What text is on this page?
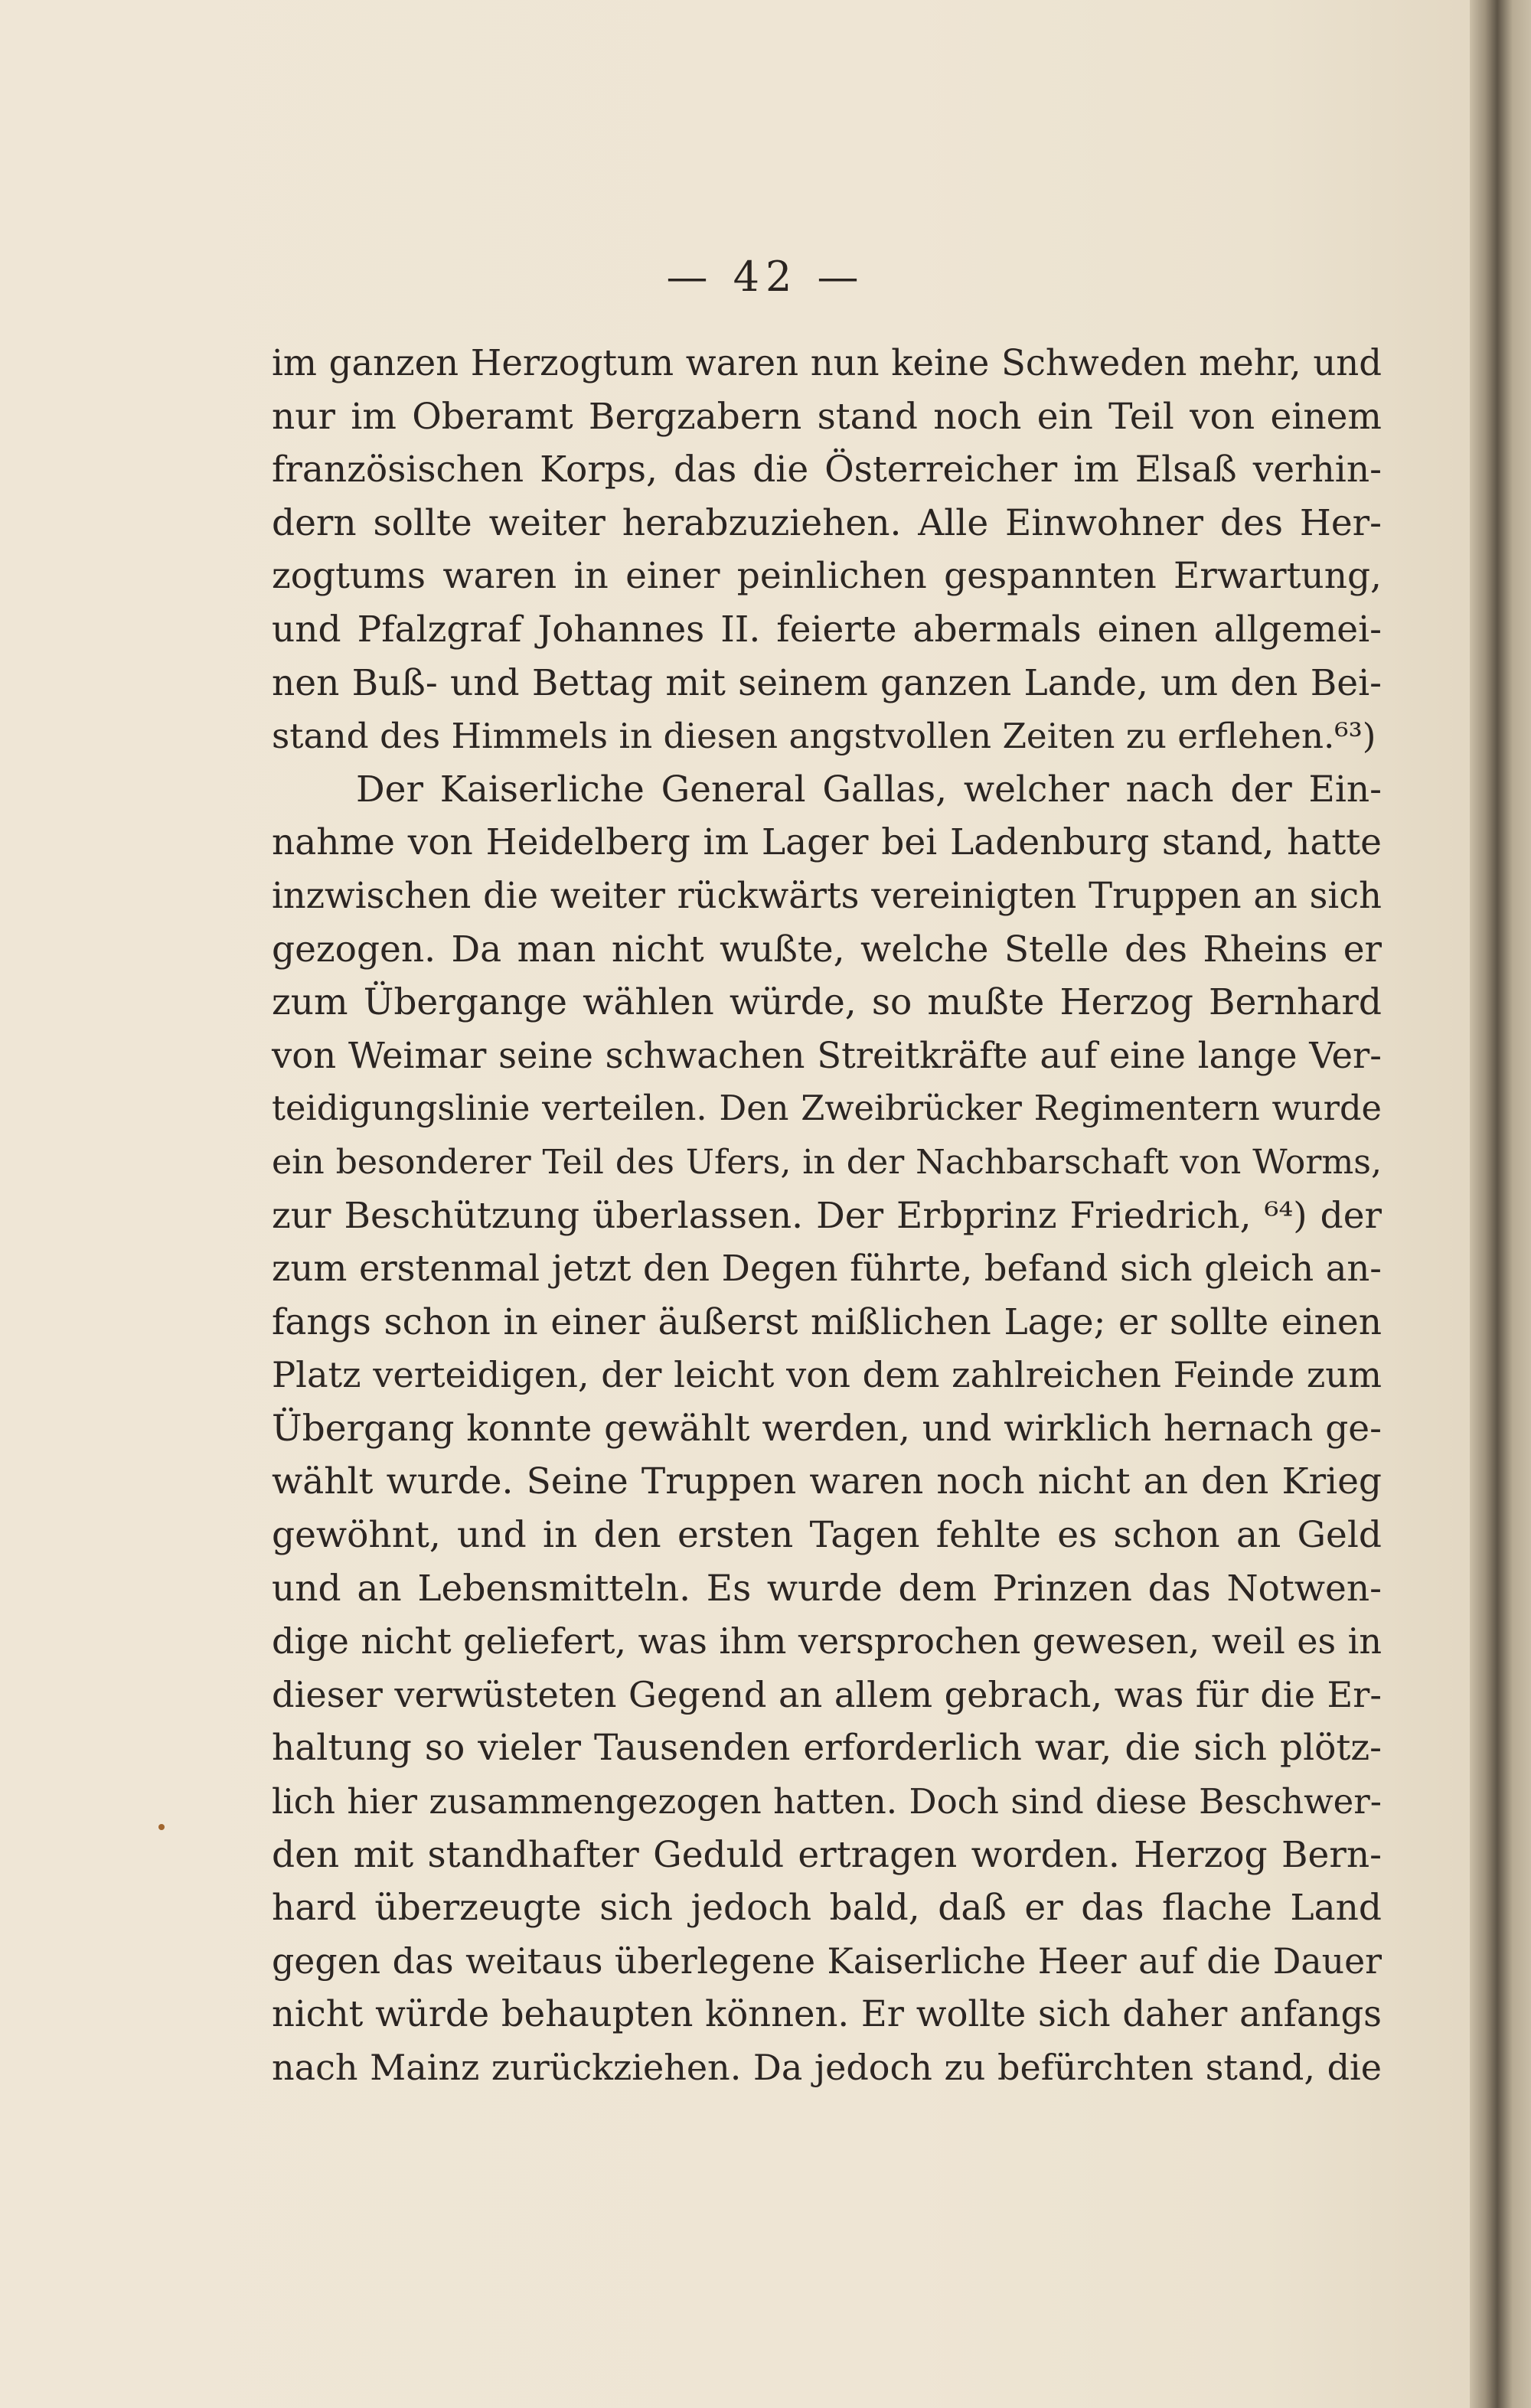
— 42 —
im ganzen Herzogtum waren nun keine Schweden mehr, und
nur im Oberamt Bergzabern stand noch ein Teil von einem
französischen Korps, das die Österreicher im Elsaß verhin-
dern sollte weiter herabzuziehen. Alle Einwohner des Her-
zogtums waren in einer peinlichen gespannten Erwartung,
und Pfalzgraf Johannes II. feierte abermals einen allgemei-
nen Buß- und Bettag mit seinem ganzen Lande, um den Bei-
stand des Himmels in diesen angstvollen Zeiten zu erflehen.⁶³)
Der Kaiserliche General Gallas, welcher nach der Ein-
nahme von Heidelberg im Lager bei Ladenburg stand, hatte
inzwischen die weiter rückwärts vereinigten Truppen an sich
gezogen. Da man nicht wußte, welche Stelle des Rheins er
zum Übergange wählen würde, so mußte Herzog Bernhard
von Weimar seine schwachen Streitkräfte auf eine lange Ver-
teidigungslinie verteilen. Den Zweibrücker Regimentern wurde
ein besonderer Teil des Ufers, in der Nachbarschaft von Worms,
zur Beschützung überlassen. Der Erbprinz Friedrich, ⁶⁴) der
zum erstenmal jetzt den Degen führte, befand sich gleich an-
fangs schon in einer äußerst mißlichen Lage; er sollte einen
Platz verteidigen, der leicht von dem zahlreichen Feinde zum
Übergang konnte gewählt werden, und wirklich hernach ge-
wählt wurde. Seine Truppen waren noch nicht an den Krieg
gewöhnt, und in den ersten Tagen fehlte es schon an Geld
und an Lebensmitteln. Es wurde dem Prinzen das Notwen-
dige nicht geliefert, was ihm versprochen gewesen, weil es in
dieser verwüsteten Gegend an allem gebrach, was für die Er-
haltung so vieler Tausenden erforderlich war, die sich plötz-
lich hier zusammengezogen hatten. Doch sind diese Beschwer-
den mit standhafter Geduld ertragen worden. Herzog Bern-
hard überzeugte sich jedoch bald, daß er das flache Land
gegen das weitaus überlegene Kaiserliche Heer auf die Dauer
nicht würde behaupten können. Er wollte sich daher anfangs
nach Mainz zurückziehen. Da jedoch zu befürchten stand, die
